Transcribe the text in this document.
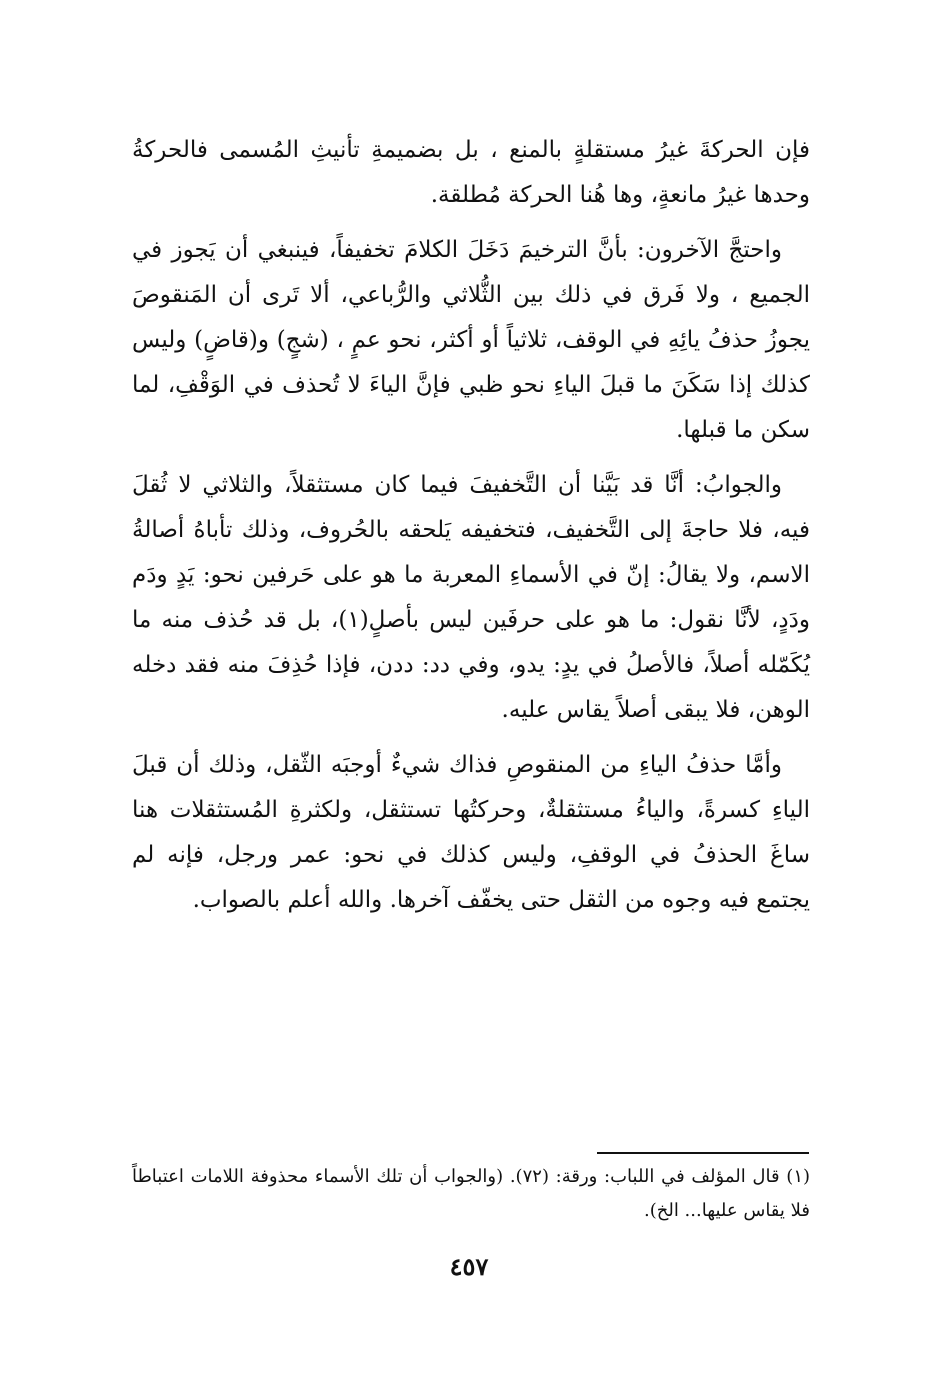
فإن الحركةَ غيرُ مستقلةٍ بالمنع ، بل بضميمةِ تأنيثِ المُسمى فالحركةُ وحدها غيرُ مانعةٍ، وها هُنا الحركة مُطلقة.

واحتجَّ الآخرون: بأنَّ الترخيمَ دَخَلَ الكلامَ تخفيفاً، فينبغي أن يَجوز في الجميع ، ولا فَرق في ذلك بين الثُّلاثي والرُّباعي، ألا تَرى أن المَنقوصَ يجوزُ حذفُ يائِهِ في الوقف، ثلاثياً أو أكثر، نحو عمٍ ، (شجٍ) و(قاضٍ) وليس كذلك إذا سَكَنَ ما قبلَ الياءِ نحو ظبي فإنَّ الياءَ لا تُحذف في الوَقْفِ، لما سكن ما قبلها.

والجوابُ: أنَّا قد بَيَّنا أن التَّخفيفَ فيما كان مستثقلاً، والثلاثي لا ثُقلَ فيه، فلا حاجةَ إلى التَّخفيف، فتخفيفه يَلحقه بالحُروف، وذلك تأباهُ أصالةُ الاسم، ولا يقالُ: إنّ في الأسماءِ المعربة ما هو على حَرفين نحو: يَدٍ ودَم ودَدٍ، لأنَّا نقول: ما هو على حرفَين ليس بأصلٍ(١)، بل قد حُذف منه ما يُكَمّله أصلاً، فالأصلُ في يدٍ: يدو، وفي دد: ددن، فإذا حُذِفَ منه فقد دخله الوهن، فلا يبقى أصلاً يقاس عليه.

وأمَّا حذفُ الياءِ من المنقوصِ فذاك شيءٌ أوجبَه الثّقل، وذلك أن قبلَ الياءِ كسرةً، والياءُ مستثقلةٌ، وحركتُها تستثقل، ولكثرةِ المُستثقلات هنا ساغَ الحذفُ في الوقفِ، وليس كذلك في نحو: عمر ورجل، فإنه لم يجتمع فيه وجوه من الثقل حتى يخفّف آخرها. والله أعلم بالصواب.

(١) قال المؤلف في اللباب: ورقة: (٧٢). (والجواب أن تلك الأسماء محذوفة اللامات اعتباطاً فلا يقاس عليها... الخ).

٤٥٧
